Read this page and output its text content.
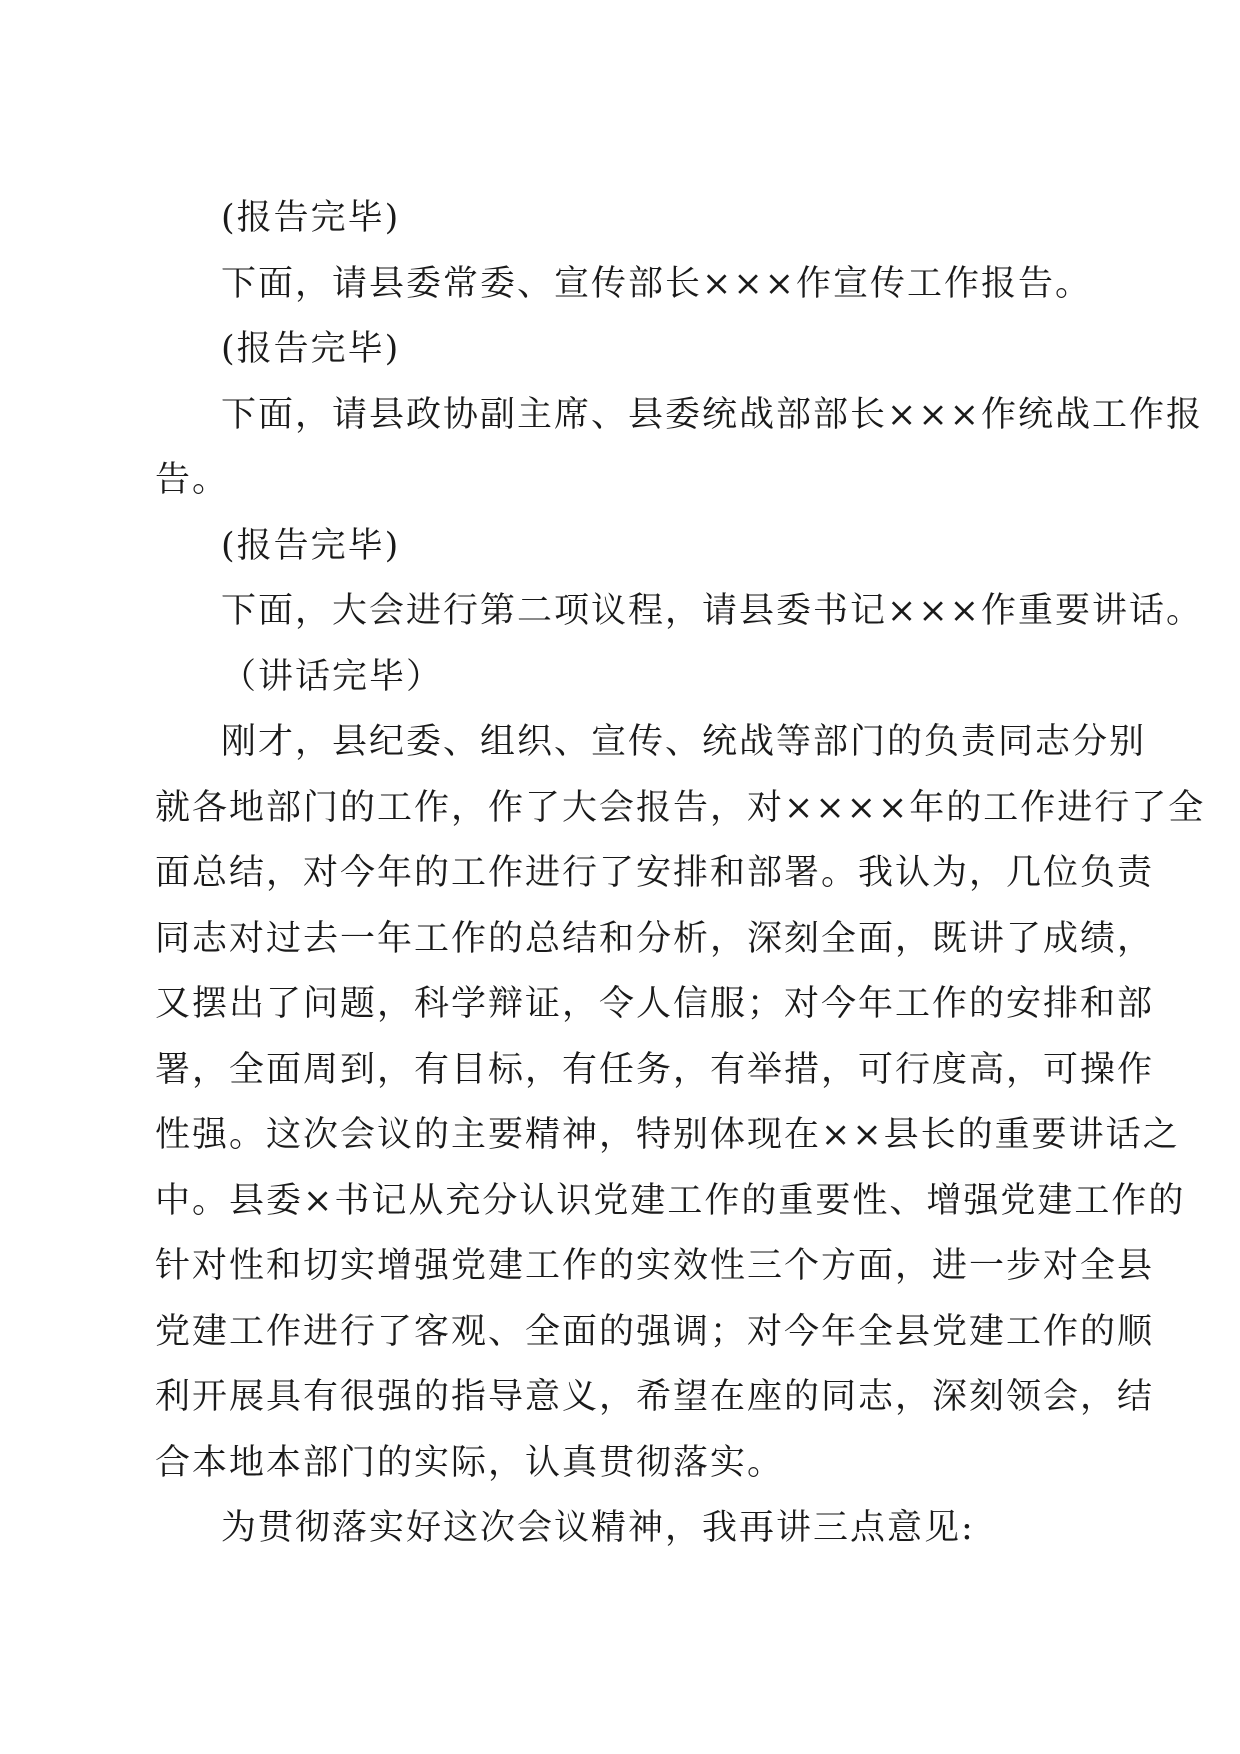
(报告完毕)
下面，请县委常委、宣传部长×××作宣传工作报告。
(报告完毕)
下面，请县政协副主席、县委统战部部长×××作统战工作报
告。
(报告完毕)
下面，大会进行第二项议程，请县委书记×××作重要讲话。
（讲话完毕）
刚才，县纪委、组织、宣传、统战等部门的负责同志分别
就各地部门的工作，作了大会报告，对××××年的工作进行了全
面总结，对今年的工作进行了安排和部署。我认为，几位负责
同志对过去一年工作的总结和分析，深刻全面，既讲了成绩，
又摆出了问题，科学辩证，令人信服；对今年工作的安排和部
署，全面周到，有目标，有任务，有举措，可行度高，可操作
性强。这次会议的主要精神，特别体现在××县长的重要讲话之
中。县委×书记从充分认识党建工作的重要性、增强党建工作的
针对性和切实增强党建工作的实效性三个方面，进一步对全县
党建工作进行了客观、全面的强调；对今年全县党建工作的顺
利开展具有很强的指导意义，希望在座的同志，深刻领会，结
合本地本部门的实际，认真贯彻落实。
为贯彻落实好这次会议精神，我再讲三点意见:
